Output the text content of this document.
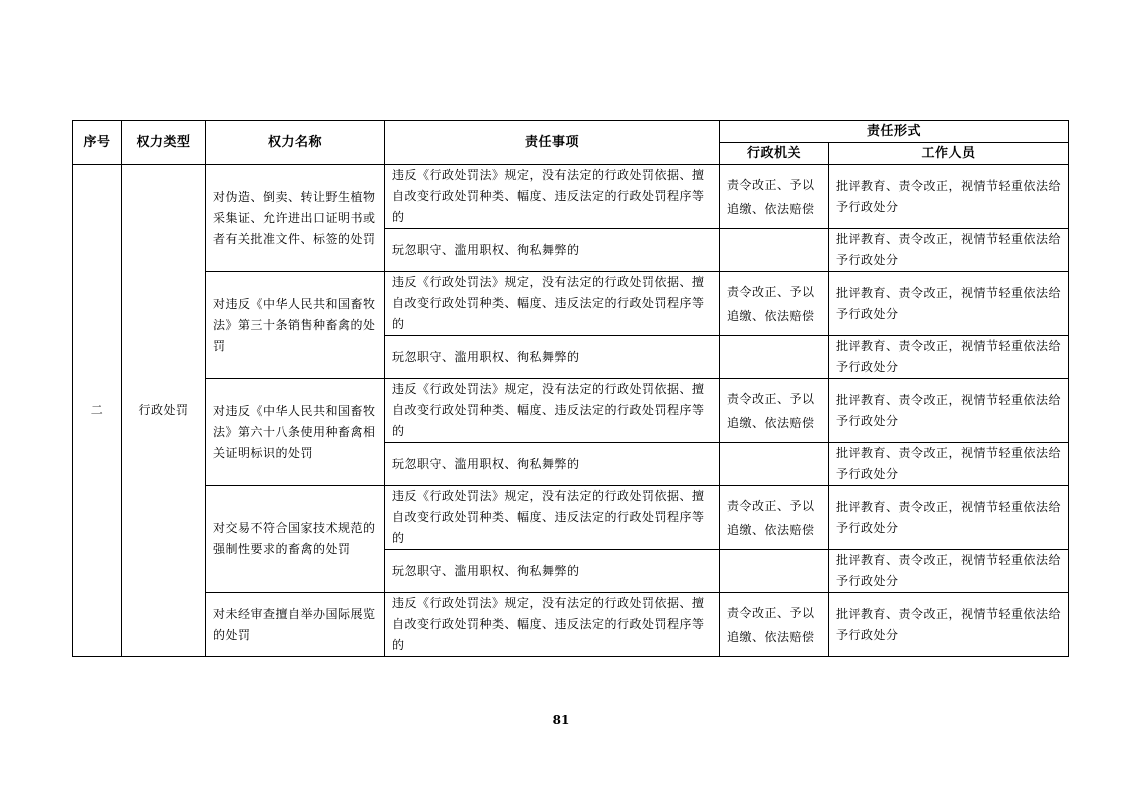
序号	权力类型	权力名称	责任事项	责任形式	
				行政机关	工作人员
二	行政处罚	对伪造、倒卖、转让野生植物采集证、允许进出口证明书或者有关批准文件、标签的处罚	违反《行政处罚法》规定，没有法定的行政处罚依据、擅自改变行政处罚种类、幅度、违反法定的行政处罚程序等的	责令改正、予以追缴、依法赔偿	批评教育、责令改正，视情节轻重依法给予行政处分
			玩忽职守、滥用职权、徇私舞弊的		批评教育、责令改正，视情节轻重依法给予行政处分
		对违反《中华人民共和国畜牧法》第三十条销售种畜禽的处罚	违反《行政处罚法》规定，没有法定的行政处罚依据、擅自改变行政处罚种类、幅度、违反法定的行政处罚程序等的	责令改正、予以追缴、依法赔偿	批评教育、责令改正，视情节轻重依法给予行政处分
			玩忽职守、滥用职权、徇私舞弊的		批评教育、责令改正，视情节轻重依法给予行政处分
		对违反《中华人民共和国畜牧法》第六十八条使用种畜禽相关证明标识的处罚	违反《行政处罚法》规定，没有法定的行政处罚依据、擅自改变行政处罚种类、幅度、违反法定的行政处罚程序等的	责令改正、予以追缴、依法赔偿	批评教育、责令改正，视情节轻重依法给予行政处分
			玩忽职守、滥用职权、徇私舞弊的		批评教育、责令改正，视情节轻重依法给予行政处分
		对交易不符合国家技术规范的强制性要求的畜禽的处罚	违反《行政处罚法》规定，没有法定的行政处罚依据、擅自改变行政处罚种类、幅度、违反法定的行政处罚程序等的	责令改正、予以追缴、依法赔偿	批评教育、责令改正，视情节轻重依法给予行政处分
			玩忽职守、滥用职权、徇私舞弊的		批评教育、责令改正，视情节轻重依法给予行政处分
		对未经审查擅自举办国际展览的处罚	违反《行政处罚法》规定，没有法定的行政处罚依据、擅自改变行政处罚种类、幅度、违反法定的行政处罚程序等的	责令改正、予以追缴、依法赔偿	批评教育、责令改正，视情节轻重依法给予行政处分
81
